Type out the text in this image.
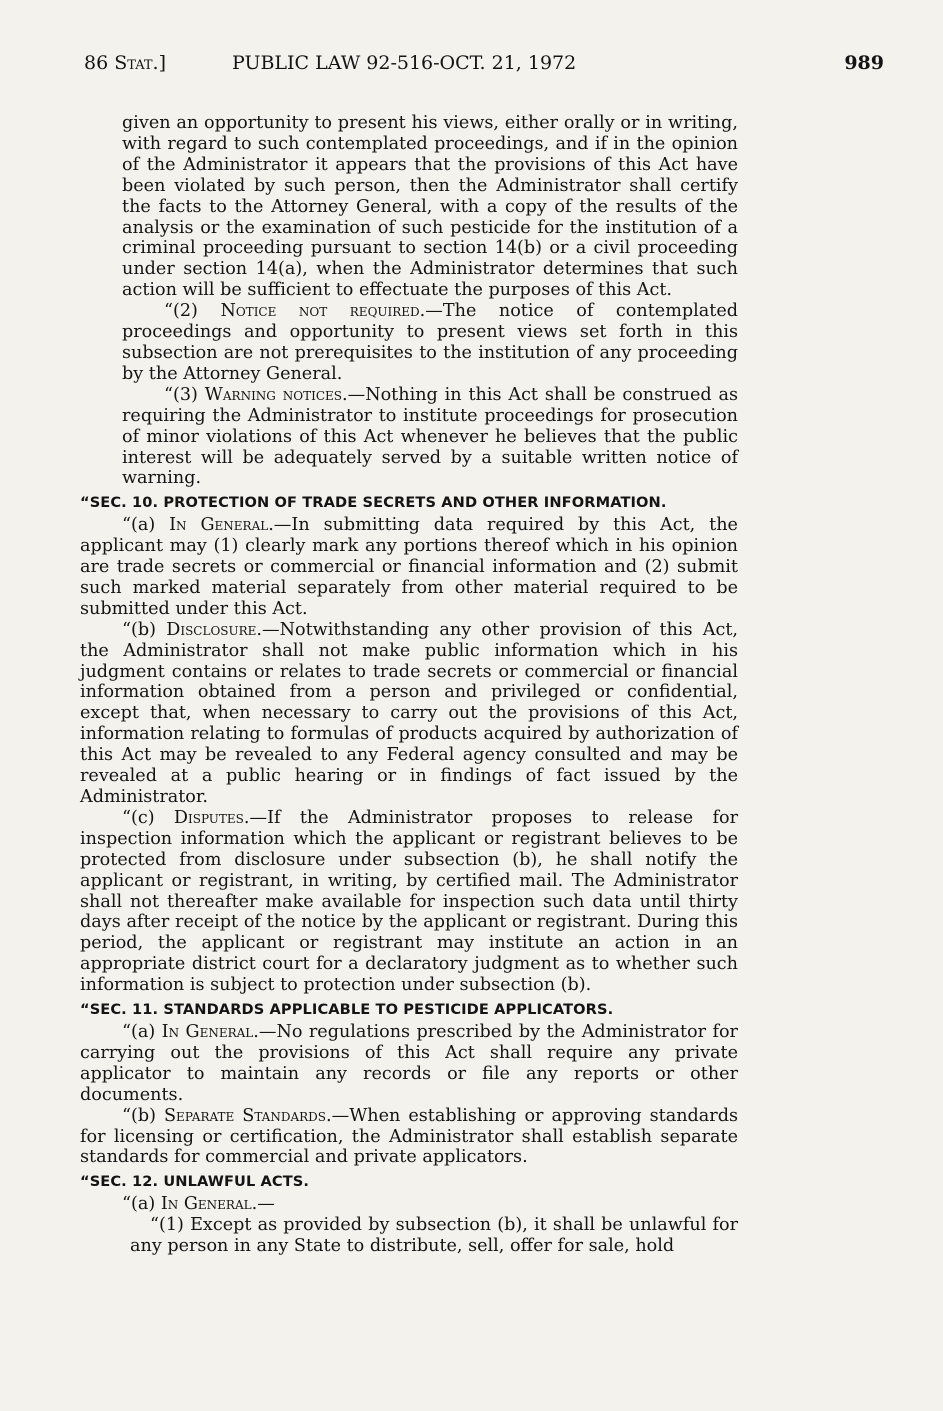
86 Stat.]	PUBLIC LAW 92-516-OCT. 21, 1972	989

given an opportunity to present his views, either orally or in writing, with regard to such contemplated proceedings, and if in the opinion of the Administrator it appears that the provisions of this Act have been violated by such person, then the Administrator shall certify the facts to the Attorney General, with a copy of the results of the analysis or the examination of such pesticide for the institution of a criminal proceeding pursuant to section 14(b) or a civil proceeding under section 14(a), when the Administrator determines that such action will be sufficient to effectuate the purposes of this Act.

“(2) Notice not required.—The notice of contemplated proceedings and opportunity to present views set forth in this subsection are not prerequisites to the institution of any proceeding by the Attorney General.

“(3) Warning notices.—Nothing in this Act shall be construed as requiring the Administrator to institute proceedings for prosecution of minor violations of this Act whenever he believes that the public interest will be adequately served by a suitable written notice of warning.

“SEC. 10. PROTECTION OF TRADE SECRETS AND OTHER INFORMATION.

“(a) In General.—In submitting data required by this Act, the applicant may (1) clearly mark any portions thereof which in his opinion are trade secrets or commercial or financial information and (2) submit such marked material separately from other material required to be submitted under this Act.

“(b) Disclosure.—Notwithstanding any other provision of this Act, the Administrator shall not make public information which in his judgment contains or relates to trade secrets or commercial or financial information obtained from a person and privileged or confidential, except that, when necessary to carry out the provisions of this Act, information relating to formulas of products acquired by authorization of this Act may be revealed to any Federal agency consulted and may be revealed at a public hearing or in findings of fact issued by the Administrator.

“(c) Disputes.—If the Administrator proposes to release for inspection information which the applicant or registrant believes to be protected from disclosure under subsection (b), he shall notify the applicant or registrant, in writing, by certified mail. The Administrator shall not thereafter make available for inspection such data until thirty days after receipt of the notice by the applicant or registrant. During this period, the applicant or registrant may institute an action in an appropriate district court for a declaratory judgment as to whether such information is subject to protection under subsection (b).

“SEC. 11. STANDARDS APPLICABLE TO PESTICIDE APPLICATORS.

“(a) In General.—No regulations prescribed by the Administrator for carrying out the provisions of this Act shall require any private applicator to maintain any records or file any reports or other documents.

“(b) Separate Standards.—When establishing or approving standards for licensing or certification, the Administrator shall establish separate standards for commercial and private applicators.

“SEC. 12. UNLAWFUL ACTS.

“(a) In General.—

“(1) Except as provided by subsection (b), it shall be unlawful for any person in any State to distribute, sell, offer for sale, hold
